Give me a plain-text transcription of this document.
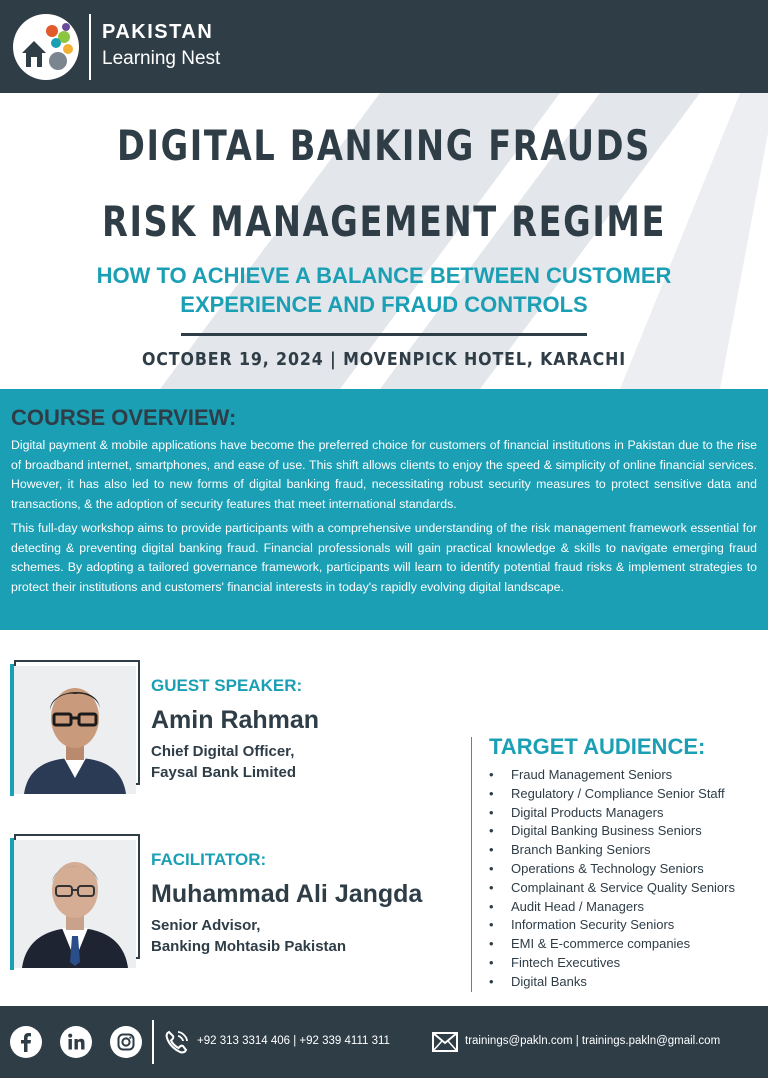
PAKISTAN
Learning Nest
DIGITAL BANKING FRAUDS
RISK MANAGEMENT REGIME
HOW TO ACHIEVE A BALANCE BETWEEN CUSTOMER
EXPERIENCE AND FRAUD CONTROLS
OCTOBER 19, 2024 | MOVENPICK HOTEL, KARACHI
COURSE OVERVIEW:

Digital payment & mobile applications have become the preferred choice for customers of financial institutions in Pakistan due to the rise of broadband internet, smartphones, and ease of use. This shift allows clients to enjoy the speed & simplicity of online financial services. However, it has also led to new forms of digital banking fraud, necessitating robust security measures to protect sensitive data and transactions, & the adoption of security features that meet international standards.

This full-day workshop aims to provide participants with a comprehensive understanding of the risk management framework essential for detecting & preventing digital banking fraud. Financial professionals will gain practical knowledge & skills to navigate emerging fraud schemes. By adopting a tailored governance framework, participants will learn to identify potential fraud risks & implement strategies to protect their institutions and customers' financial interests in today's rapidly evolving digital landscape.

GUEST SPEAKER:
Amin Rahman
Chief Digital Officer,
Faysal Bank Limited
FACILITATOR:
Muhammad Ali Jangda
Senior Advisor,
Banking Mohtasib Pakistan
TARGET AUDIENCE:
• Fraud Management Seniors
• Regulatory / Compliance Senior Staff
• Digital Products Managers
• Digital Banking Business Seniors
• Branch Banking Seniors
• Operations & Technology Seniors
• Complainant & Service Quality Seniors
• Audit Head / Managers
• Information Security Seniors
• EMI & E-commerce companies
• Fintech Executives
• Digital Banks
+92 313 3314 406 | +92 339 4111 311	trainings@pakln.com | trainings.pakln@gmail.com
